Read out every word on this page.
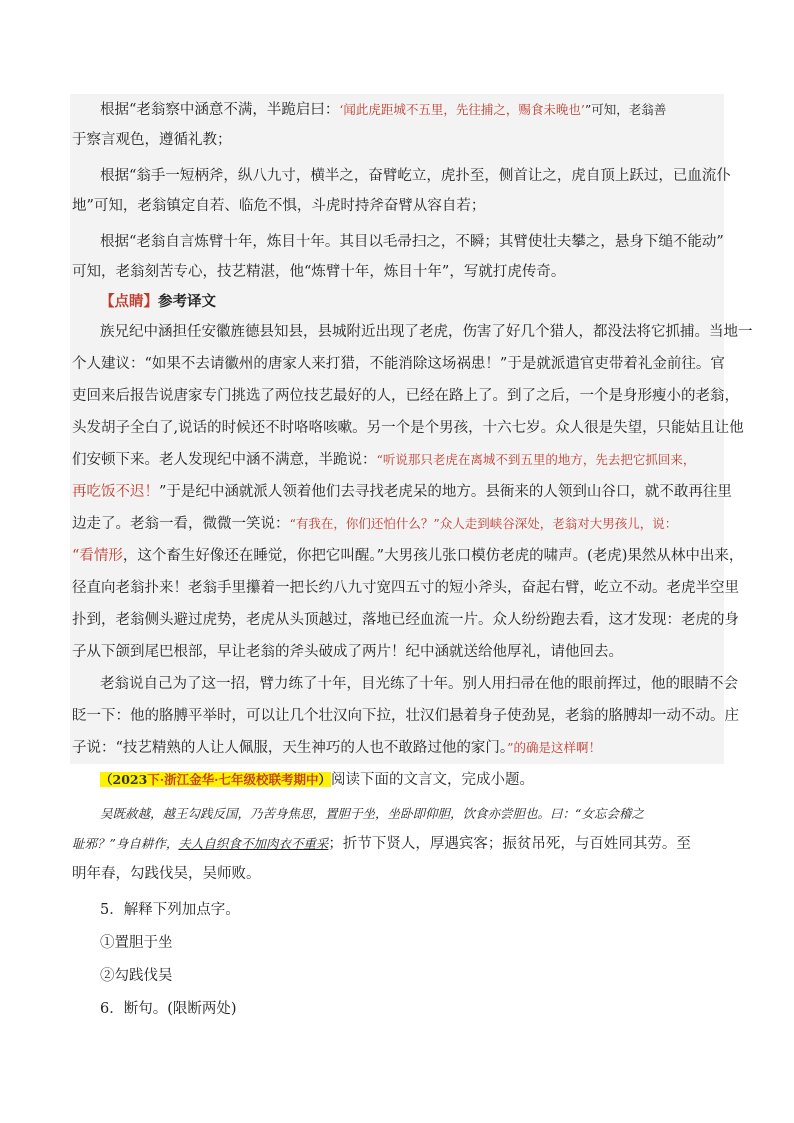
根据“老翁察中涵意不满，半跪启曰：‘闻此虎距城不五里，先往捕之，赐食未晚也’”可知，老翁善
于察言观色，遵循礼教；
根据“翁手一短柄斧，纵八九寸，横半之，奋臂屹立，虎扑至，侧首让之，虎自顶上跃过，已血流仆
地”可知，老翁镇定自若、临危不惧，斗虎时持斧奋臂从容自若；
根据“老翁自言炼臂十年，炼目十年。其目以毛帚扫之，不瞬；其臂使壮夫攀之，悬身下缒不能动”
可知，老翁刻苦专心，技艺精湛，他“炼臂十年，炼目十年”，写就打虎传奇。
【点睛】参考译文
族兄纪中涵担任安徽旌德县知县，县城附近出现了老虎，伤害了好几个猎人，都没法将它抓捕。当地一
个人建议：“如果不去请徽州的唐家人来打猎，不能消除这场祸患！”于是就派遣官吏带着礼金前往。官
吏回来后报告说唐家专门挑选了两位技艺最好的人，已经在路上了。到了之后，一个是身形瘦小的老翁，
头发胡子全白了,说话的时候还不时咯咯咳嗽。另一个是个男孩，十六七岁。众人很是失望，只能姑且让他
们安顿下来。老人发现纪中涵不满意，半跪说：“听说那只老虎在离城不到五里的地方，先去把它抓回来，
再吃饭不迟！”于是纪中涵就派人领着他们去寻找老虎呆的地方。县衙来的人领到山谷口，就不敢再往里
边走了。老翁一看，微微一笑说：“有我在，你们还怕什么？”众人走到峡谷深处，老翁对大男孩儿，说：
“看情形，这个畜生好像还在睡觉，你把它叫醒。”大男孩儿张口模仿老虎的啸声。(老虎)果然从林中出来，
径直向老翁扑来！老翁手里攥着一把长约八九寸宽四五寸的短小斧头，奋起右臂，屹立不动。老虎半空里
扑到，老翁侧头避过虎势，老虎从头顶越过，落地已经血流一片。众人纷纷跑去看，这才发现：老虎的身
子从下颌到尾巴根部，早让老翁的斧头破成了两片！纪中涵就送给他厚礼，请他回去。
老翁说自己为了这一招，臂力练了十年，目光练了十年。别人用扫帚在他的眼前挥过，他的眼睛不会
眨一下：他的胳膊平举时，可以让几个壮汉向下拉，壮汉们悬着身子使劲晃，老翁的胳膊却一动不动。庄
子说：“技艺精熟的人让人佩服，天生神巧的人也不敢路过他的家门。”的确是这样啊！
（2023下·浙江金华·七年级校联考期中）阅读下面的文言文，完成小题。
吴既赦越，越王勾践反国，乃苦身焦思，置胆于坐，坐卧即仰胆，饮食亦尝胆也。曰：“女忘会稽之
耻邪？”身自耕作，夫人自织食不加肉衣不重采；折节下贤人，厚遇宾客；振贫吊死，与百姓同其劳。至
明年春，勾践伐吴，吴师败。
5．解释下列加点字。
①置胆于坐
②勾践伐吴
6．断句。(限断两处)
